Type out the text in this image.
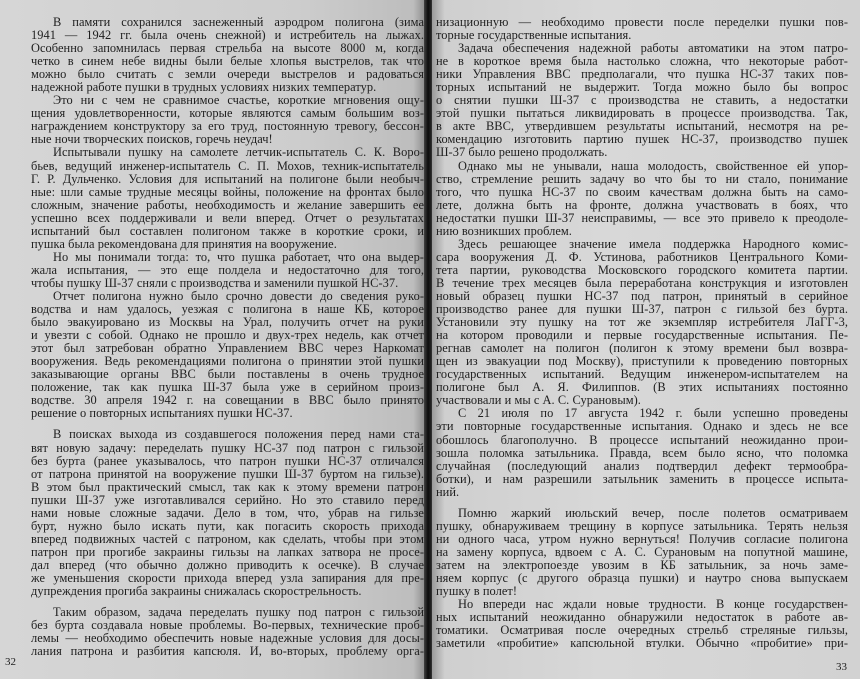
В памяти сохранился заснеженный аэродром полигона (зима
1941 — 1942 гг. была очень снежной) и истребитель на лыжах.
Особенно запомнилась первая стрельба на высоте 8000 м, когда
четко в синем небе видны были белые хлопья выстрелов, так что
можно было считать с земли очереди выстрелов и радоваться
надежной работе пушки в трудных условиях низких температур.
Это ни с чем не сравнимое счастье, короткие мгновения ощу-
щения удовлетворенности, которые являются самым большим воз-
награждением конструктору за его труд, постоянную тревогу, бессон-
ные ночи творческих поисков, горечь неудач!
Испытывали пушку на самолете летчик-испытатель С. К. Воро-
бьев, ведущий инженер-испытатель С. П. Мохов, техник-испытатель
Г. Р. Дульченко. Условия для испытаний на полигоне были необыч-
ные: шли самые трудные месяцы войны, положение на фронтах было
сложным, значение работы, необходимость и желание завершить ее
успешно всех поддерживали и вели вперед. Отчет о результатах
испытаний был составлен полигоном также в короткие сроки, и
пушка была рекомендована для принятия на вооружение.
Но мы понимали тогда: то, что пушка работает, что она выдер-
жала испытания, — это еще полдела и недостаточно для того,
чтобы пушку Ш-37 сняли с производства и заменили пушкой НС-37.
Отчет полигона нужно было срочно довести до сведения руко-
водства и нам удалось, уезжая с полигона в наше КБ, которое
было эвакуировано из Москвы на Урал, получить отчет на руки
и увезти с собой. Однако не прошло и двух-трех недель, как отчет
этот был затребован обратно Управлением ВВС через Наркомат
вооружения. Ведь рекомендациями полигона о принятии этой пушки
заказывающие органы ВВС были поставлены в очень трудное
положение, так как пушка Ш-37 была уже в серийном произ-
водстве. 30 апреля 1942 г. на совещании в ВВС было принято
решение о повторных испытаниях пушки НС-37.
В поисках выхода из создавшегося положения перед нами ста-
вят новую задачу: переделать пушку НС-37 под патрон с гильзой
без бурта (ранее указывалось, что патрон пушки НС-37 отличался
от патрона принятой на вооружение пушки Ш-37 буртом на гильзе).
В этом был практический смысл, так как к этому времени патрон
пушки Ш-37 уже изготавливался серийно. Но это ставило перед
нами новые сложные задачи. Дело в том, что, убрав на гильзе
бурт, нужно было искать пути, как погасить скорость прихода
вперед подвижных частей с патроном, как сделать, чтобы при этом
патрон при прогибе закраины гильзы на лапках затвора не просе-
дал вперед (что обычно должно приводить к осечке). В случае
же уменьшения скорости прихода вперед узла запирания для пре-
дупреждения прогиба закраины снижалась скорострельность.
Таким образом, задача переделать пушку под патрон с гильзой
без бурта создавала новые проблемы. Во-первых, технические проб-
лемы — необходимо обеспечить новые надежные условия для досы-
лания патрона и разбития капсюля. И, во-вторых, проблему орга-
32
низационную — необходимо провести после переделки пушки пов-
торные государственные испытания.
Задача обеспечения надежной работы автоматики на этом патро-
не в короткое время была настолько сложна, что некоторые работ-
ники Управления ВВС предполагали, что пушка НС-37 таких пов-
торных испытаний не выдержит. Тогда можно было бы вопрос
о снятии пушки Ш-37 с производства не ставить, а недостатки
этой пушки пытаться ликвидировать в процессе производства. Так,
в акте ВВС, утвердившем результаты испытаний, несмотря на ре-
комендацию изготовить партию пушек НС-37, производство пушек
Ш-37 было решено продолжать.
Однако мы не унывали, наша молодость, свойственное ей упор-
ство, стремление решить задачу во что бы то ни стало, понимание
того, что пушка НС-37 по своим качествам должна быть на само-
лете, должна быть на фронте, должна участвовать в боях, что
недостатки пушки Ш-37 неисправимы, — все это привело к преодоле-
нию возникших проблем.
Здесь решающее значение имела поддержка Народного комис-
сара вооружения Д. Ф. Устинова, работников Центрального Коми-
тета партии, руководства Московского городского комитета партии.
В течение трех месяцев была переработана конструкция и изготовлен
новый образец пушки НС-37 под патрон, принятый в серийное
производство ранее для пушки Ш-37, патрон с гильзой без бурта.
Установили эту пушку на тот же экземпляр истребителя ЛаГГ-3,
на котором проводили и первые государственные испытания. Пе-
регнав самолет на полигон (полигон к этому времени был возвра-
щен из эвакуации под Москву), приступили к проведению повторных
государственных испытаний. Ведущим инженером-испытателем на
полигоне был А. Я. Филиппов. (В этих испытаниях постоянно
участвовали и мы с А. С. Сурановым).
С 21 июля по 17 августа 1942 г. были успешно проведены
эти повторные государственные испытания. Однако и здесь не все
обошлось благополучно. В процессе испытаний неожиданно прои-
зошла поломка затыльника. Правда, всем было ясно, что поломка
случайная (последующий анализ подтвердил дефект термообра-
ботки), и нам разрешили затыльник заменить в процессе испыта-
ний.
Помню жаркий июльский вечер, после полетов осматриваем
пушку, обнаруживаем трещину в корпусе затыльника. Терять нельзя
ни одного часа, утром нужно вернуться! Получив согласие полигона
на замену корпуса, вдвоем с А. С. Сурановым на попутной машине,
затем на электропоезде увозим в КБ затыльник, за ночь заме-
няем корпус (с другого образца пушки) и наутро снова выпускаем
пушку в полет!
Но впереди нас ждали новые трудности. В конце государствен-
ных испытаний неожиданно обнаружили недостаток в работе ав-
томатики. Осматривая после очередных стрельб стреляные гильзы,
заметили «пробитие» капсюльной втулки. Обычно «пробитие» при-
33
